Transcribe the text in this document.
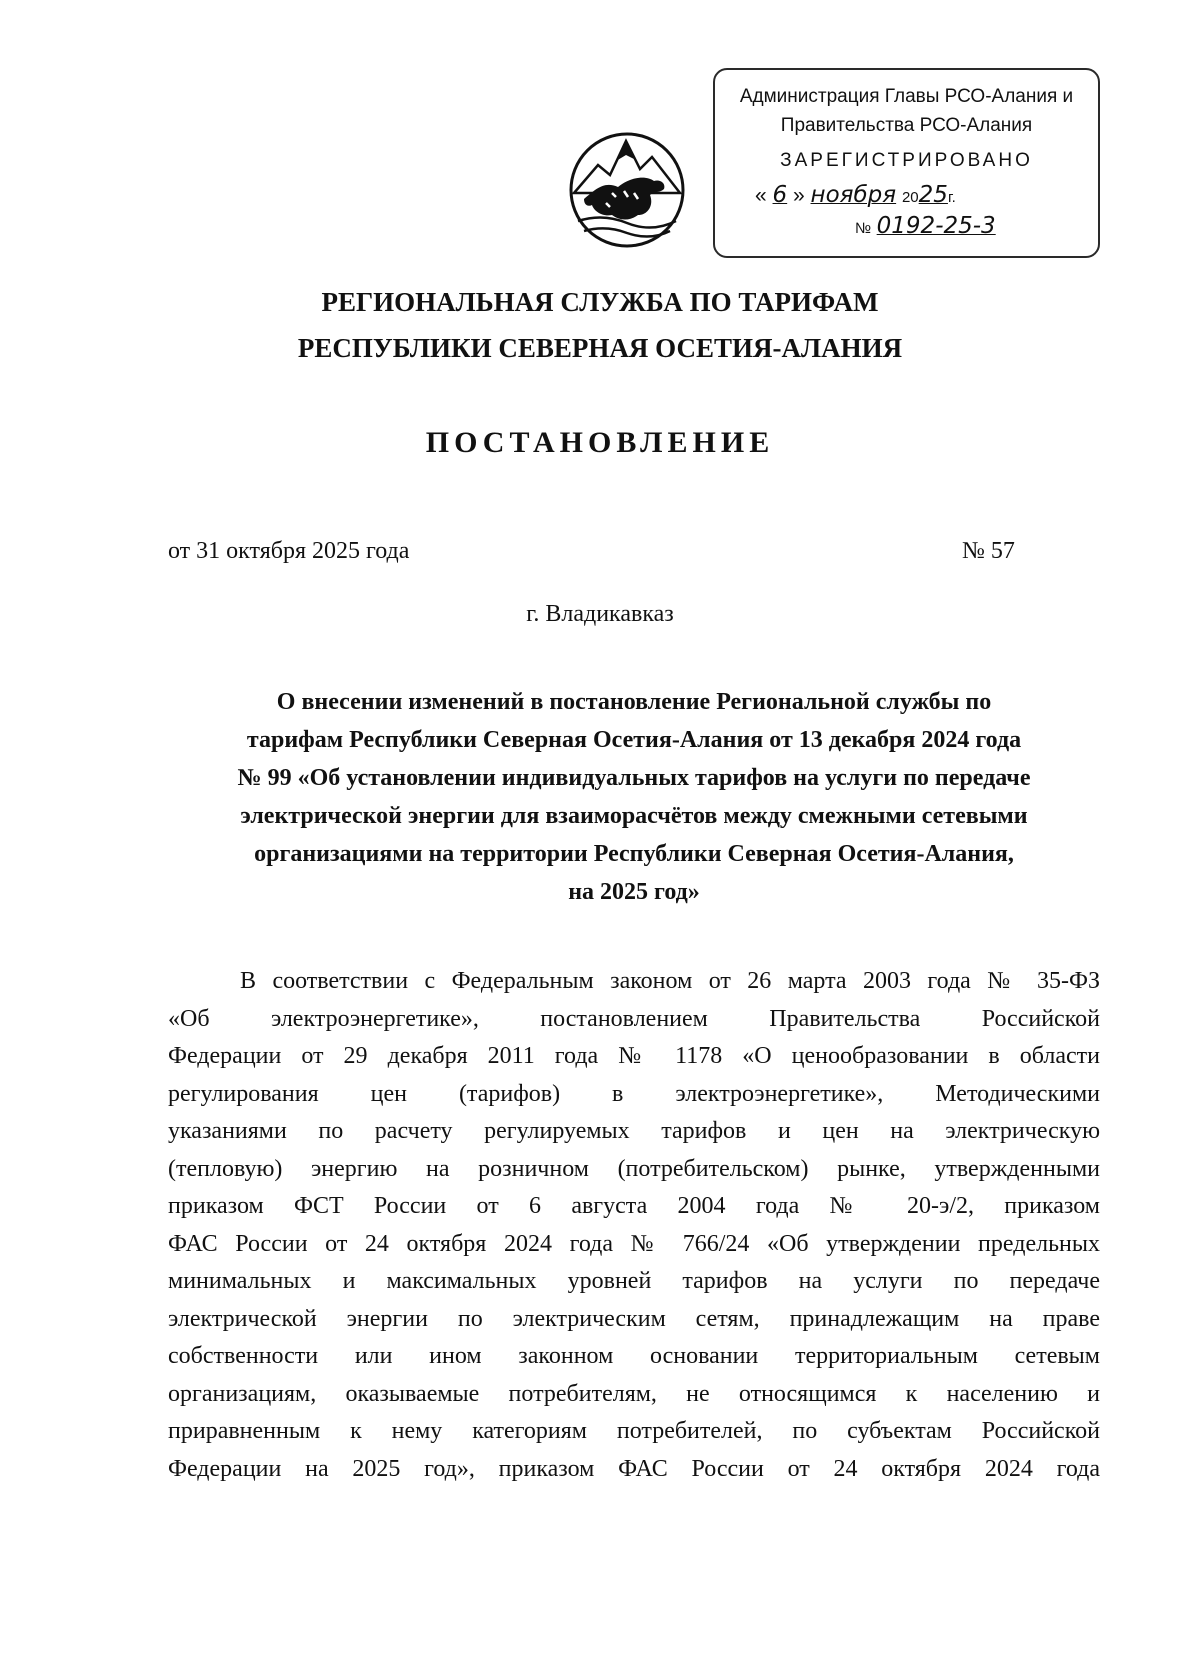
Администрация Главы РСО-Алания и
Правительства РСО-Алания
ЗАРЕГИСТРИРОВАНО
« 6 » ноября 2025г.
№ 0192-25-3
РЕГИОНАЛЬНАЯ СЛУЖБА ПО ТАРИФАМ
РЕСПУБЛИКИ СЕВЕРНАЯ ОСЕТИЯ-АЛАНИЯ
ПОСТАНОВЛЕНИЕ
от 31 октября 2025 года	№ 57
г. Владикавказ
О внесении изменений в постановление Региональной службы по
тарифам Республики Северная Осетия-Алания от 13 декабря 2024 года
№ 99 «Об установлении индивидуальных тарифов на услуги по передаче
электрической энергии для взаиморасчётов между смежными сетевыми
организациями на территории Республики Северная Осетия-Алания,
на 2025 год»
В соответствии с Федеральным законом от 26 марта 2003 года № 35-ФЗ
«Об электроэнергетике», постановлением Правительства Российской
Федерации от 29 декабря 2011 года № 1178 «О ценообразовании в области
регулирования цен (тарифов) в электроэнергетике», Методическими
указаниями по расчету регулируемых тарифов и цен на электрическую
(тепловую) энергию на розничном (потребительском) рынке, утвержденными
приказом ФСТ России от 6 августа 2004 года № 20-э/2, приказом
ФАС России от 24 октября 2024 года № 766/24 «Об утверждении предельных
минимальных и максимальных уровней тарифов на услуги по передаче
электрической энергии по электрическим сетям, принадлежащим на праве
собственности или ином законном основании территориальным сетевым
организациям, оказываемые потребителям, не относящимся к населению и
приравненным к нему категориям потребителей, по субъектам Российской
Федерации на 2025 год», приказом ФАС России от 24 октября 2024 года
